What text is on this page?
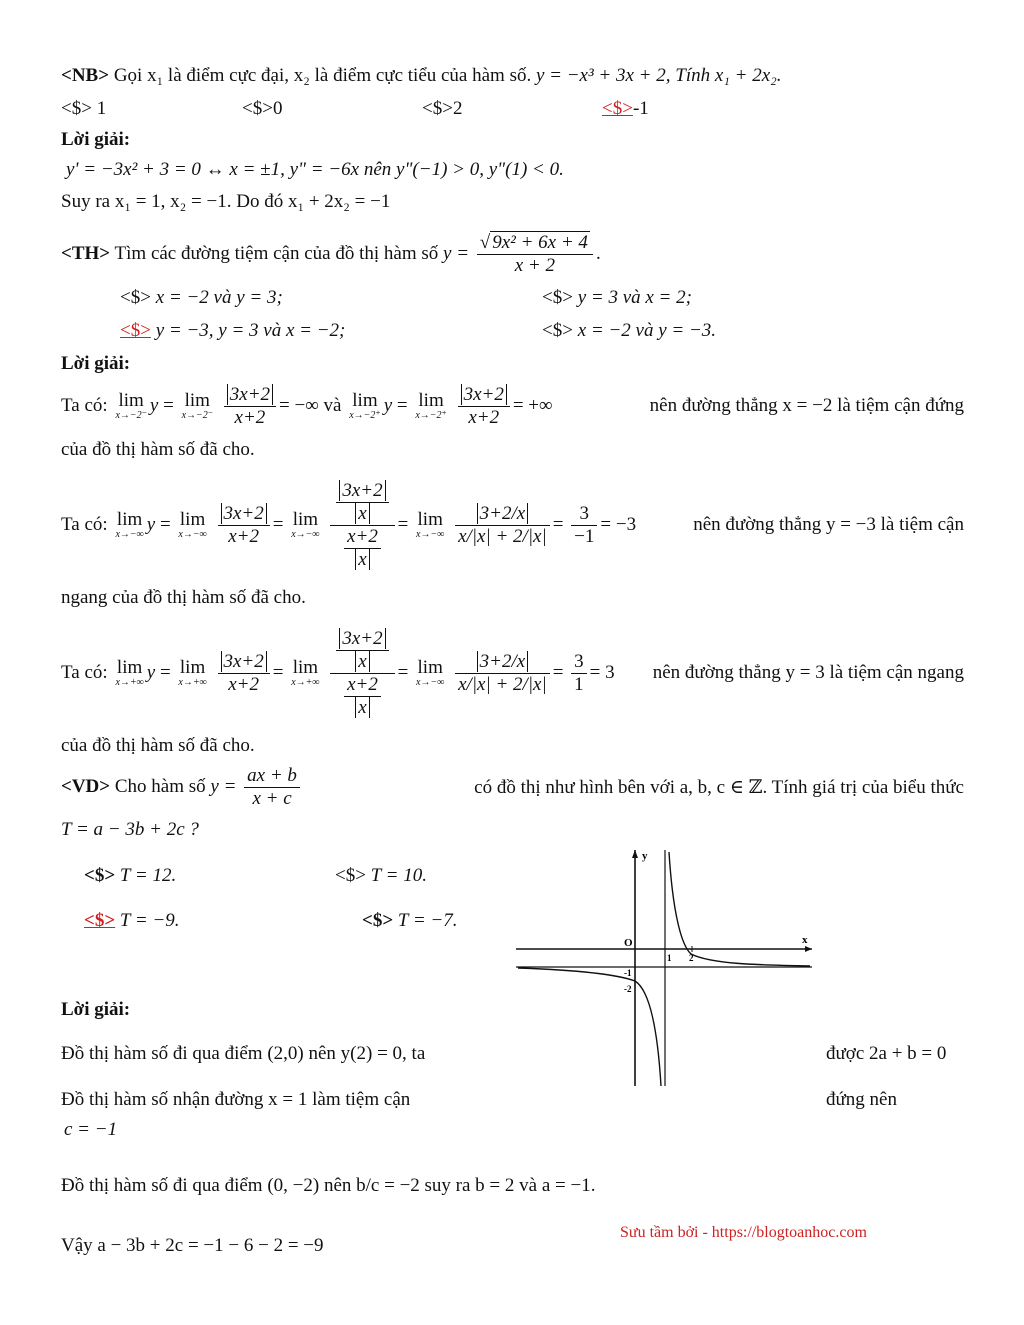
<NB> Gọi x₁ là điểm cực đại, x₂ là điểm cực tiểu của hàm số. y = −x³ + 3x + 2, Tính x₁ + 2x₂.
<$> 1	<$>0	<$>2	<$>-1
Lời giải:
y' = −3x² + 3 = 0 ↔ x = ±1, y" = −6x nên y"(−1) > 0, y"(1) < 0.
Suy ra x₁ = 1, x₂ = −1. Do đó x₁ + 2x₂ = −1
<TH> Tìm các đường tiệm cận của đồ thị hàm số $y = \frac{\text{√ 9x² + 6x + 4}}{x + 2}$ .
<$> x = −2 và y = 3;	<$> y = 3 và x = 2;
<$> y = −3, y = 3 và x = −2;	<$> x = −2 và y = −3.
Lời giải:
Ta có: lim
x→−2⁻
y = lim
x→−2⁻
$\frac{3x+2}{x+2}$ = −∞ và lim
x→−2⁺
y = lim
x→−2⁺
$\frac{3x+2}{x+2}$ = +∞	nên đường thẳng x = −2 là tiệm cận đứng
của đồ thị hàm số đã cho.
Ta có: lim
x→−∞
y = lim
x→−∞
$\frac{3x+2}{x+2} = \lim$
x→−∞
$\frac{\frac{3x+2}{x}}{\frac{x+2}{x}} = \lim$
x→−∞
$\frac{3+2/x}{x/|x| + 2/|x|} = \frac{3}{-1} = -3$	nên đường thẳng y = −3 là tiệm cận
ngang của đồ thị hàm số đã cho.
Ta có: lim
x→+∞
y = lim
x→+∞
$\frac{3x+2}{x+2} = \lim$
x→+∞
$\frac{\frac{3x+2}{x}}{\frac{x+2}{x}} = \lim$
x→−∞
$\frac{3+2/x}{x/|x| + 2/|x|} = \frac{3}{1} = 3$ nên đường thẳng y = 3 là tiệm cận ngang
của đồ thị hàm số đã cho.
<VD> Cho hàm số $y = \frac{ax + b}{x + c}$	có đồ thị như hình bên với a, b, c ∈ ℤ. Tính giá trị của biểu thức
T = a − 3b + 2c ?
<$> T = 12.	<$> T = 10.
<$> T = −9.	<$> T = −7.
y
x
O
1 2
-1
-2
Lời giải:
Đồ thị hàm số đi qua điểm (2,0) nên y(2) = 0, ta	được 2a + b = 0
Đồ thị hàm số nhận đường x = 1 làm tiệm cận	đứng nên
c = −1
Đồ thị hàm số đi qua điểm (0, −2) nên b/c = −2 suy ra b = 2 và a = −1.
Vậy a − 3b + 2c = −1 − 6 − 2 = −9
Sưu tầm bởi - https://blogtoanhoc.com
